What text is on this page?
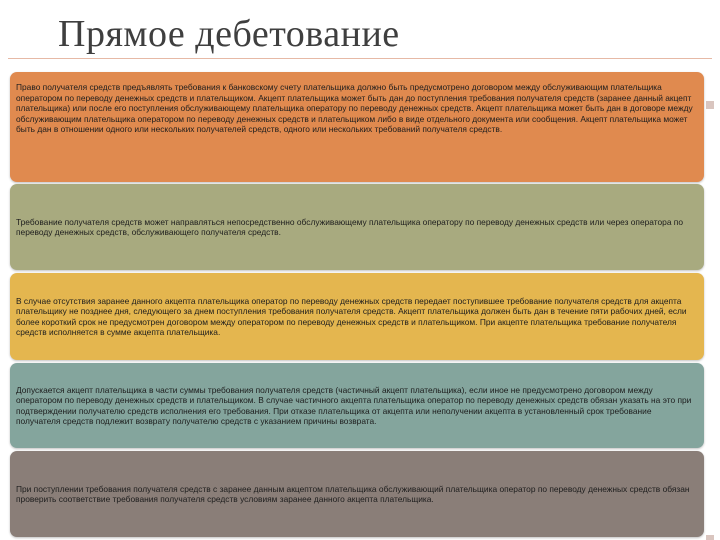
Прямое дебетование

Право получателя средств предъявлять требования к банковскому счету плательщика должно быть предусмотрено договором между обслуживающим плательщика оператором по переводу денежных средств и плательщиком. Акцепт плательщика может быть дан до поступления требования получателя средств (заранее данный акцепт плательщика) или после его поступления обслуживающему плательщика оператору по переводу денежных средств. Акцепт плательщика может быть дан в договоре между обслуживающим плательщика оператором по переводу денежных средств и плательщиком либо в виде отдельного документа или сообщения. Акцепт плательщика может быть дан в отношении одного или нескольких получателей средств, одного или нескольких требований получателя средств.

Требование получателя средств может направляться непосредственно обслуживающему плательщика оператору по переводу денежных средств или через оператора по переводу денежных средств, обслуживающего получателя средств.

В случае отсутствия заранее данного акцепта плательщика оператор по переводу денежных средств передает поступившее требование получателя средств для акцепта плательщику не позднее дня, следующего за днем поступления требования получателя средств. Акцепт плательщика должен быть дан в течение пяти рабочих дней, если более короткий срок не предусмотрен договором между оператором по переводу денежных средств и плательщиком. При акцепте плательщика требование получателя средств исполняется в сумме акцепта плательщика.

Допускается акцепт плательщика в части суммы требования получателя средств (частичный акцепт плательщика), если иное не предусмотрено договором между оператором по переводу денежных средств и плательщиком. В случае частичного акцепта плательщика оператор по переводу денежных средств обязан указать на это при подтверждении получателю средств исполнения его требования. При отказе плательщика от акцепта или неполучении акцепта в установленный срок требование получателя средств подлежит возврату получателю средств с указанием причины возврата.

При поступлении требования получателя средств с заранее данным акцептом плательщика обслуживающий плательщика оператор по переводу денежных средств обязан проверить соответствие требования получателя средств условиям заранее данного акцепта плательщика.
